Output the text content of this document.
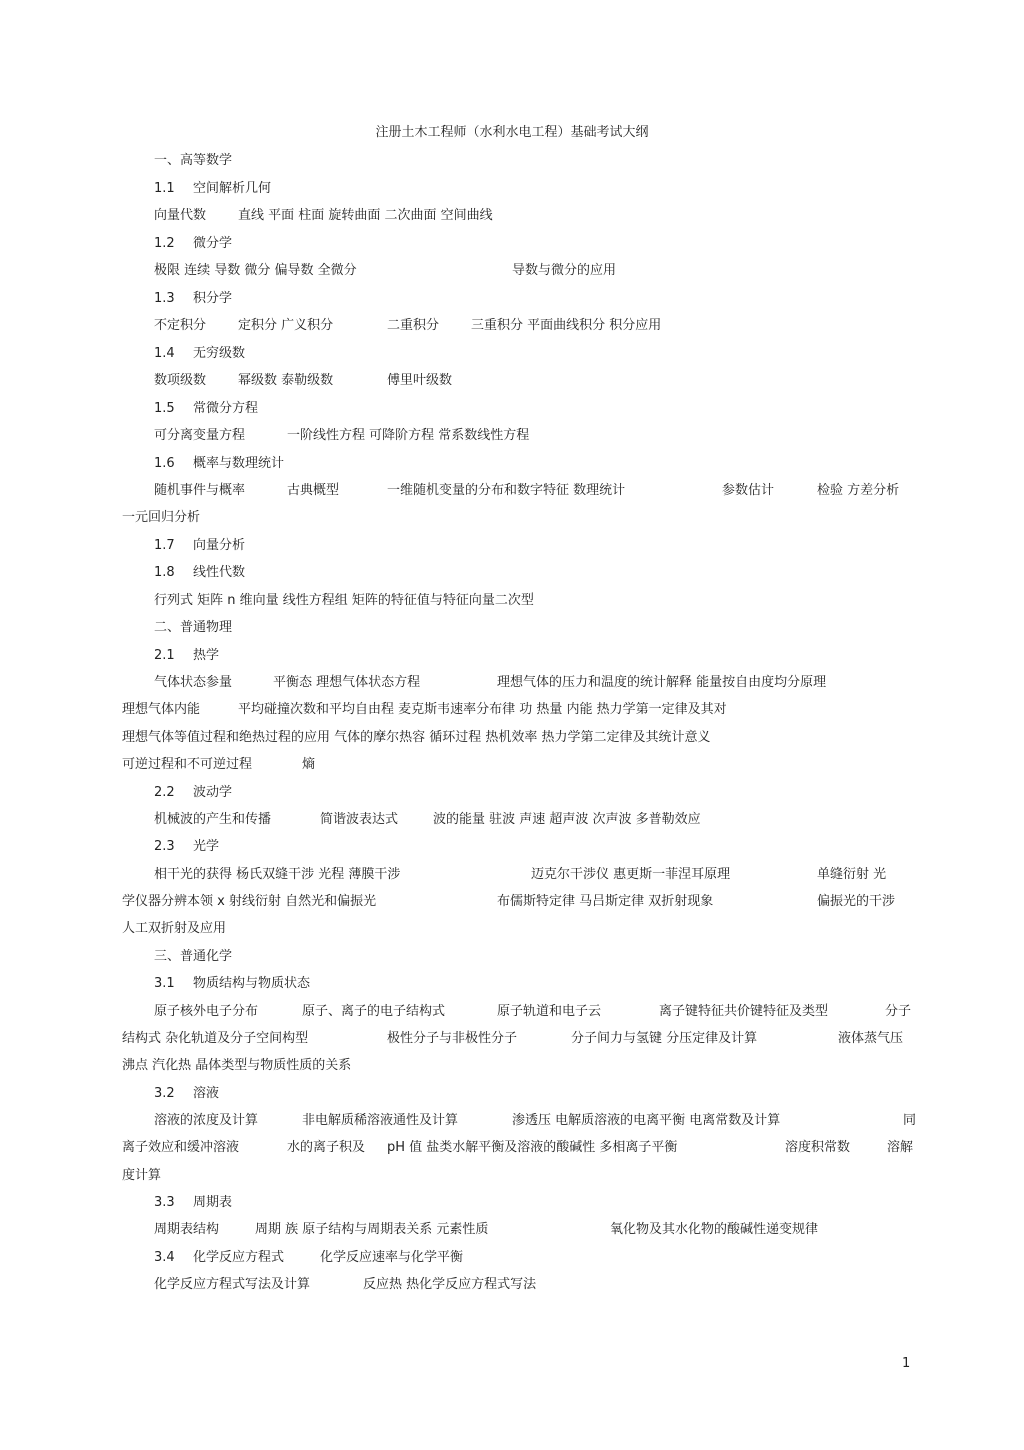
注册土木工程师（水利水电工程）基础考试大纲
一、高等数学
1.1 空间解析几何
向量代数 直线 平面 柱面 旋转曲面 二次曲面 空间曲线
1.2 微分学
极限 连续 导数 微分 偏导数 全微分	导数与微分的应用
1.3 积分学
不定积分 定积分 广义积分	二重积分 三重积分 平面曲线积分 积分应用
1.4 无穷级数
数项级数 幂级数 泰勒级数	傅里叶级数
1.5 常微分方程
可分离变量方程	一阶线性方程 可降阶方程 常系数线性方程
1.6 概率与数理统计
随机事件与概率	古典概型	一维随机变量的分布和数字特征 数理统计	参数估计	检验 方差分析
一元回归分析
1.7 向量分析
1.8 线性代数
行列式 矩阵 n 维向量 线性方程组 矩阵的特征值与特征向量二次型
二、普通物理
2.1 热学
气体状态参量	平衡态 理想气体状态方程	理想气体的压力和温度的统计解释 能量按自由度均分原理
理想气体内能	平均碰撞次数和平均自由程 麦克斯韦速率分布律 功 热量 内能 热力学第一定律及其对
理想气体等值过程和绝热过程的应用 气体的摩尔热容 循环过程 热机效率 热力学第二定律及其统计意义
可逆过程和不可逆过程	熵
2.2 波动学
机械波的产生和传播	简谐波表达式	波的能量 驻波 声速 超声波 次声波 多普勒效应
2.3 光学
相干光的获得 杨氏双缝干涉 光程 薄膜干涉	迈克尔干涉仪 惠更斯一菲涅耳原理	单缝衍射 光
学仪器分辨本领 x 射线衍射 自然光和偏振光	布儒斯特定律 马吕斯定律 双折射现象	偏振光的干涉
人工双折射及应用
三、普通化学
3.1 物质结构与物质状态
原子核外电子分布	原子、离子的电子结构式	原子轨道和电子云	离子键特征共价键特征及类型	分子
结构式 杂化轨道及分子空间构型	极性分子与非极性分子	分子间力与氢键 分压定律及计算	液体蒸气压
沸点 汽化热 晶体类型与物质性质的关系
3.2 溶液
溶液的浓度及计算	非电解质稀溶液通性及计算	渗透压 电解质溶液的电离平衡 电离常数及计算	同
离子效应和缓冲溶液	水的离子积及 pH 值 盐类水解平衡及溶液的酸碱性 多相离子平衡	溶度积常数	溶解
度计算
3.3 周期表
周期表结构	周期 族 原子结构与周期表关系 元素性质	氧化物及其水化物的酸碱性递变规律
3.4 化学反应方程式	化学反应速率与化学平衡
化学反应方程式写法及计算	反应热 热化学反应方程式写法
1
